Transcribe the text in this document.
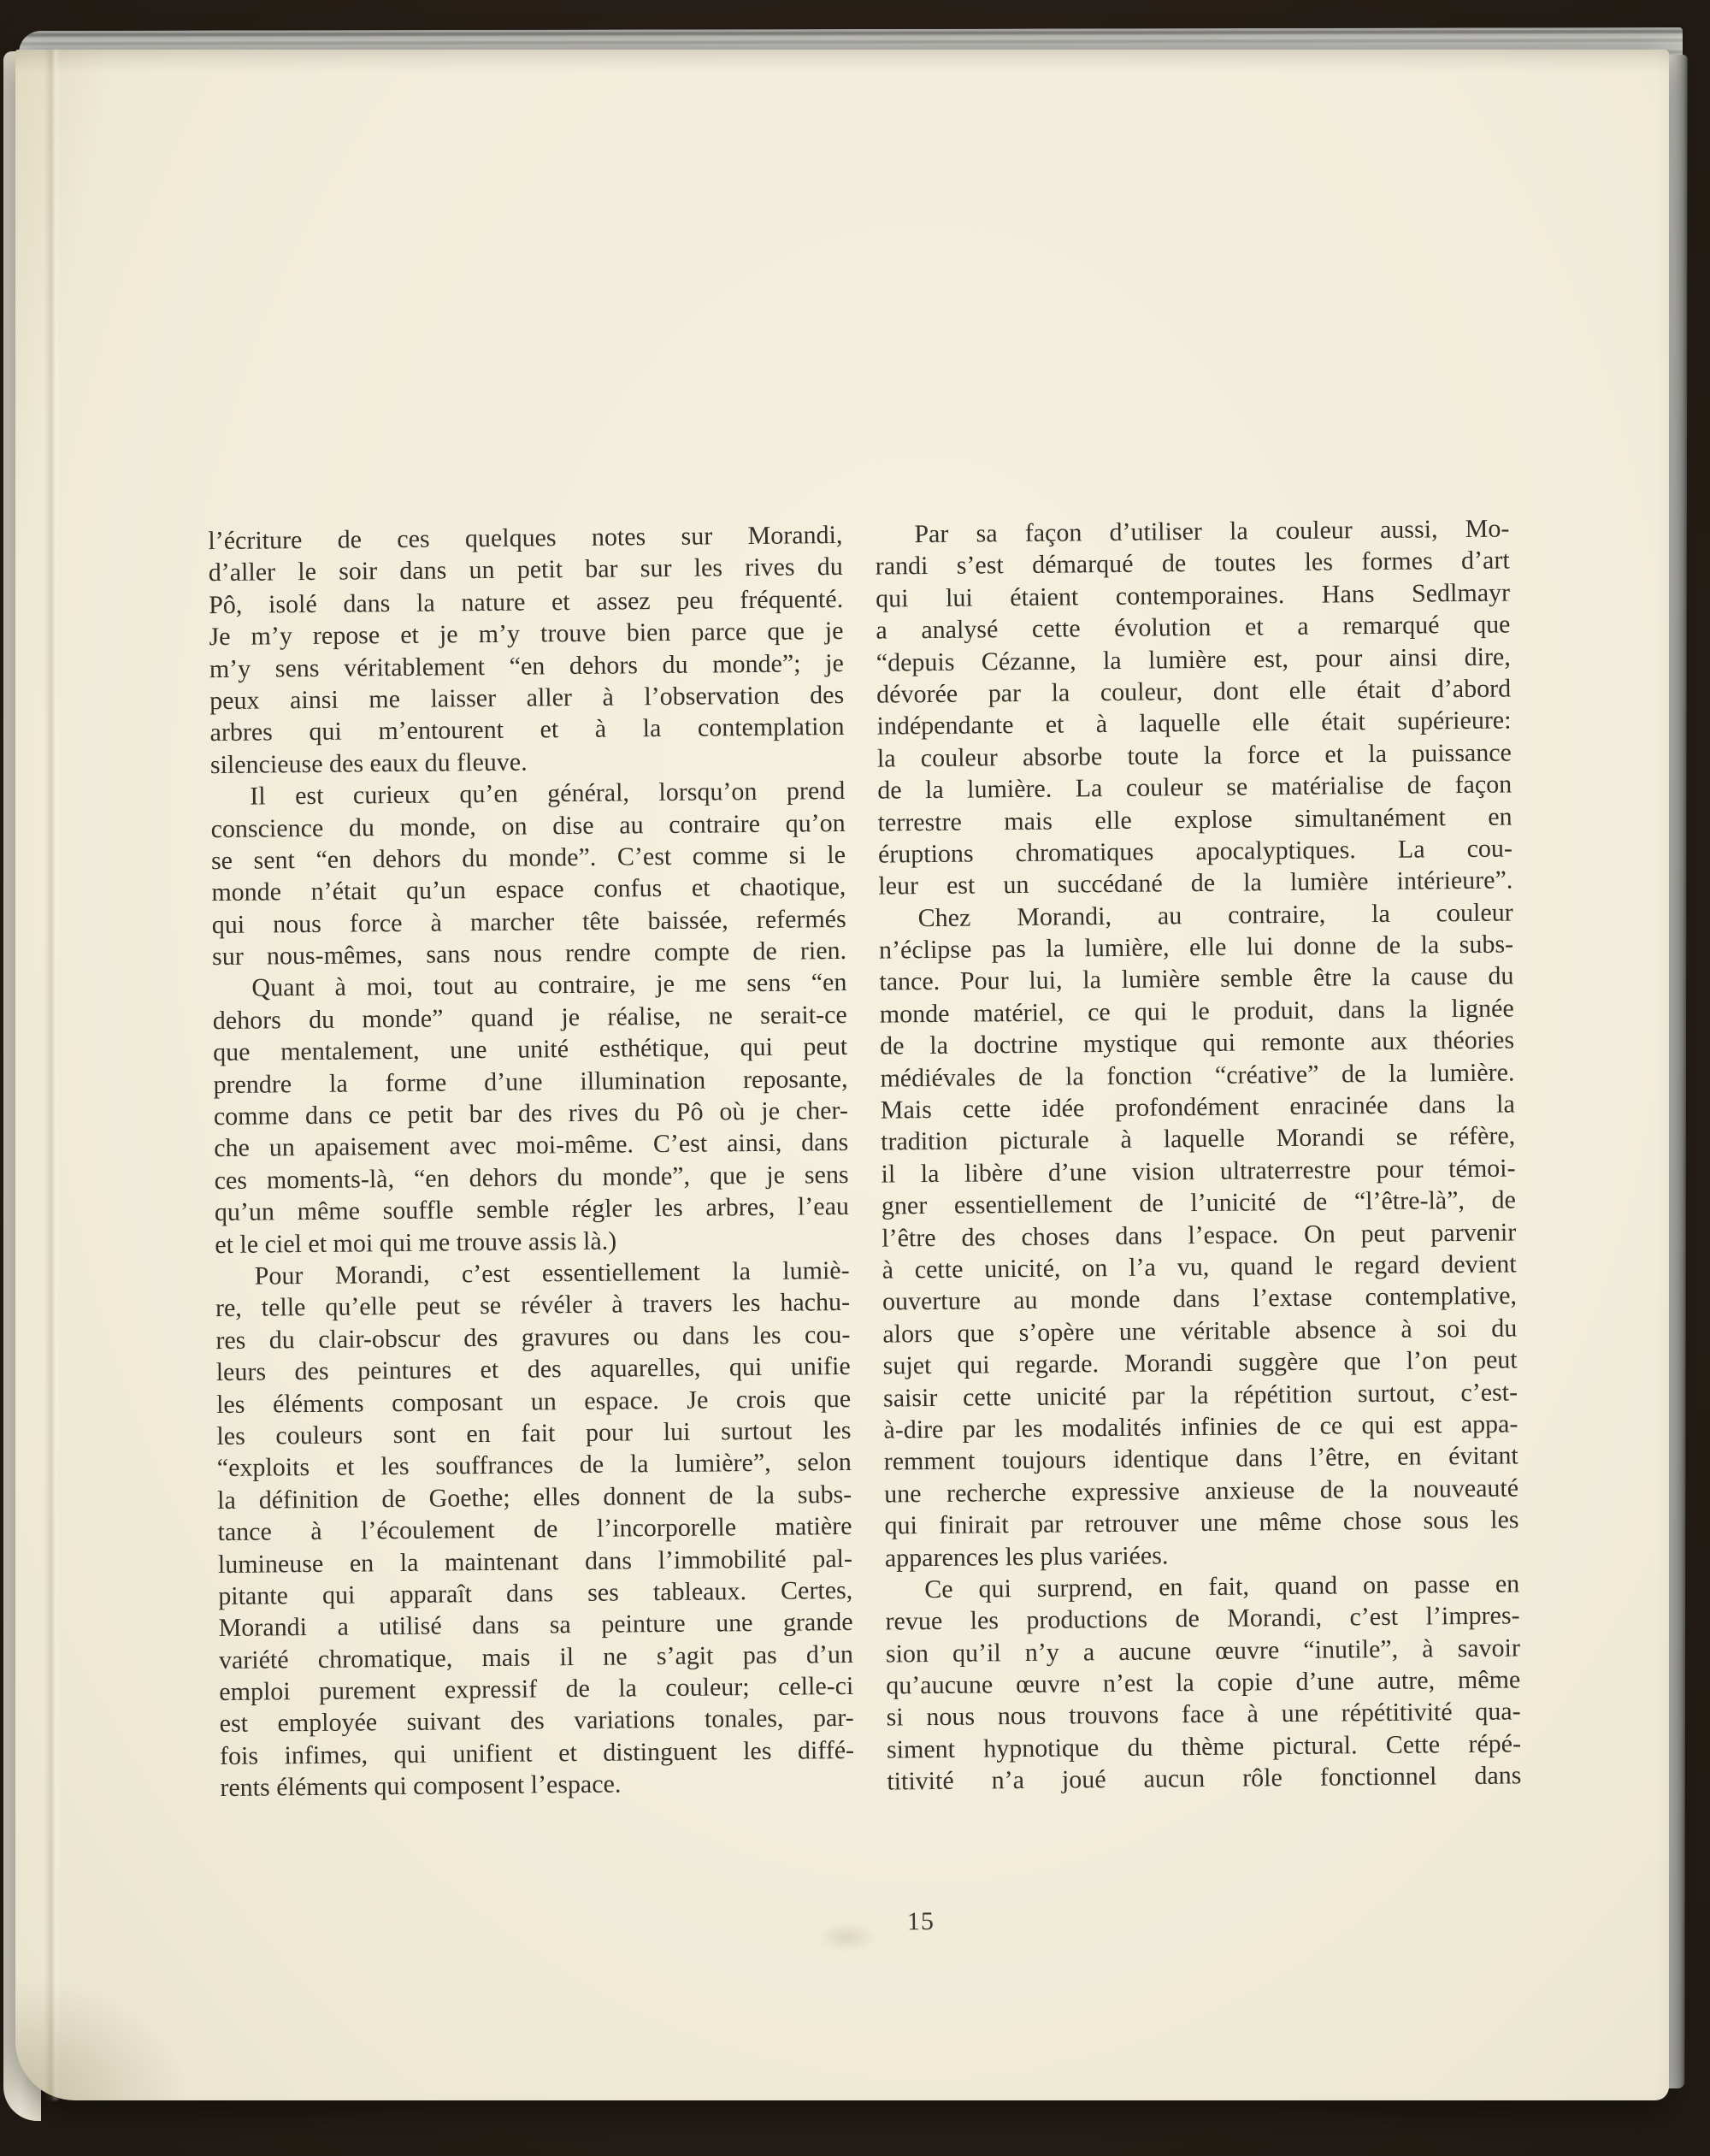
l’écriture de ces quelques notes sur Morandi,
d’aller le soir dans un petit bar sur les rives du
Pô, isolé dans la nature et assez peu fréquenté.
Je m’y repose et je m’y trouve bien parce que je
m’y sens véritablement “en dehors du monde”; je
peux ainsi me laisser aller à l’observation des
arbres qui m’entourent et à la contemplation
silencieuse des eaux du fleuve.
Il est curieux qu’en général, lorsqu’on prend
conscience du monde, on dise au contraire qu’on
se sent “en dehors du monde”. C’est comme si le
monde n’était qu’un espace confus et chaotique,
qui nous force à marcher tête baissée, refermés
sur nous-mêmes, sans nous rendre compte de rien.
Quant à moi, tout au contraire, je me sens “en
dehors du monde” quand je réalise, ne serait-ce
que mentalement, une unité esthétique, qui peut
prendre la forme d’une illumination reposante,
comme dans ce petit bar des rives du Pô où je cher-
che un apaisement avec moi-même. C’est ainsi, dans
ces moments-là, “en dehors du monde”, que je sens
qu’un même souffle semble régler les arbres, l’eau
et le ciel et moi qui me trouve assis là.)
Pour Morandi, c’est essentiellement la lumiè-
re, telle qu’elle peut se révéler à travers les hachu-
res du clair-obscur des gravures ou dans les cou-
leurs des peintures et des aquarelles, qui unifie
les éléments composant un espace. Je crois que
les couleurs sont en fait pour lui surtout les
“exploits et les souffrances de la lumière”, selon
la définition de Goethe; elles donnent de la subs-
tance à l’écoulement de l’incorporelle matière
lumineuse en la maintenant dans l’immobilité pal-
pitante qui apparaît dans ses tableaux. Certes,
Morandi a utilisé dans sa peinture une grande
variété chromatique, mais il ne s’agit pas d’un
emploi purement expressif de la couleur; celle-ci
est employée suivant des variations tonales, par-
fois infimes, qui unifient et distinguent les diffé-
rents éléments qui composent l’espace.
Par sa façon d’utiliser la couleur aussi, Mo-
randi s’est démarqué de toutes les formes d’art
qui lui étaient contemporaines. Hans Sedlmayr
a analysé cette évolution et a remarqué que
“depuis Cézanne, la lumière est, pour ainsi dire,
dévorée par la couleur, dont elle était d’abord
indépendante et à laquelle elle était supérieure:
la couleur absorbe toute la force et la puissance
de la lumière. La couleur se matérialise de façon
terrestre mais elle explose simultanément en
éruptions chromatiques apocalyptiques. La cou-
leur est un succédané de la lumière intérieure”.
Chez Morandi, au contraire, la couleur
n’éclipse pas la lumière, elle lui donne de la subs-
tance. Pour lui, la lumière semble être la cause du
monde matériel, ce qui le produit, dans la lignée
de la doctrine mystique qui remonte aux théories
médiévales de la fonction “créative” de la lumière.
Mais cette idée profondément enracinée dans la
tradition picturale à laquelle Morandi se réfère,
il la libère d’une vision ultraterrestre pour témoi-
gner essentiellement de l’unicité de “l’être-là”, de
l’être des choses dans l’espace. On peut parvenir
à cette unicité, on l’a vu, quand le regard devient
ouverture au monde dans l’extase contemplative,
alors que s’opère une véritable absence à soi du
sujet qui regarde. Morandi suggère que l’on peut
saisir cette unicité par la répétition surtout, c’est-
à-dire par les modalités infinies de ce qui est appa-
remment toujours identique dans l’être, en évitant
une recherche expressive anxieuse de la nouveauté
qui finirait par retrouver une même chose sous les
apparences les plus variées.
Ce qui surprend, en fait, quand on passe en
revue les productions de Morandi, c’est l’impres-
sion qu’il n’y a aucune œuvre “inutile”, à savoir
qu’aucune œuvre n’est la copie d’une autre, même
si nous nous trouvons face à une répétitivité qua-
siment hypnotique du thème pictural. Cette répé-
titivité n’a joué aucun rôle fonctionnel dans
15
